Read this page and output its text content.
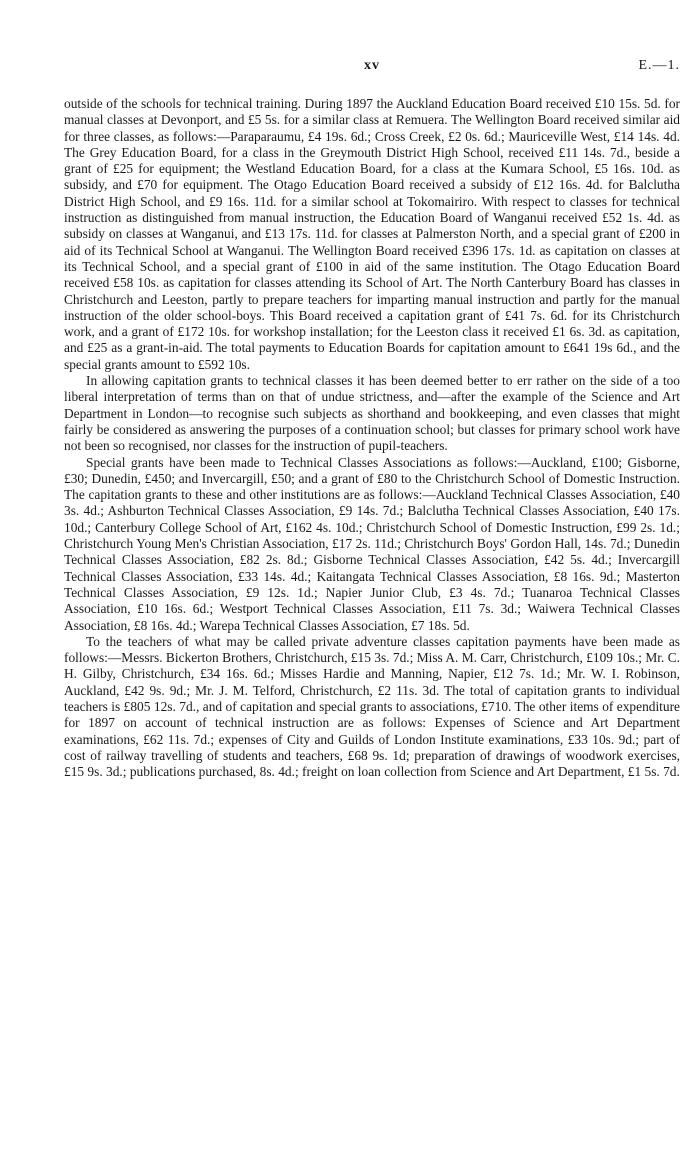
xv	E.—1.

outside of the schools for technical training. During 1897 the Auckland Education Board received £10 15s. 5d. for manual classes at Devonport, and £5 5s. for a similar class at Remuera. The Wellington Board received similar aid for three classes, as follows:—Paraparaumu, £4 19s. 6d.; Cross Creek, £2 0s. 6d.; Mauriceville West, £14 14s. 4d. The Grey Education Board, for a class in the Greymouth District High School, received £11 14s. 7d., beside a grant of £25 for equipment; the Westland Education Board, for a class at the Kumara School, £5 16s. 10d. as subsidy, and £70 for equipment. The Otago Education Board received a subsidy of £12 16s. 4d. for Balclutha District High School, and £9 16s. 11d. for a similar school at Tokomairiro. With respect to classes for technical instruction as distinguished from manual instruction, the Education Board of Wanganui received £52 1s. 4d. as subsidy on classes at Wanganui, and £13 17s. 11d. for classes at Palmerston North, and a special grant of £200 in aid of its Technical School at Wanganui. The Wellington Board received £396 17s. 1d. as capitation on classes at its Technical School, and a special grant of £100 in aid of the same institution. The Otago Education Board received £58 10s. as capitation for classes attending its School of Art. The North Canterbury Board has classes in Christchurch and Leeston, partly to prepare teachers for imparting manual instruction and partly for the manual instruction of the older school-boys. This Board received a capitation grant of £41 7s. 6d. for its Christchurch work, and a grant of £172 10s. for workshop installation; for the Leeston class it received £1 6s. 3d. as capitation, and £25 as a grant-in-aid. The total payments to Education Boards for capitation amount to £641 19s 6d., and the special grants amount to £592 10s.

In allowing capitation grants to technical classes it has been deemed better to err rather on the side of a too liberal interpretation of terms than on that of undue strictness, and—after the example of the Science and Art Department in London—to recognise such subjects as shorthand and bookkeeping, and even classes that might fairly be considered as answering the purposes of a continuation school; but classes for primary school work have not been so recognised, nor classes for the instruction of pupil-teachers.

Special grants have been made to Technical Classes Associations as follows:—Auckland, £100; Gisborne, £30; Dunedin, £450; and Invercargill, £50; and a grant of £80 to the Christchurch School of Domestic Instruction. The capitation grants to these and other institutions are as follows:—Auckland Technical Classes Association, £40 3s. 4d.; Ashburton Technical Classes Association, £9 14s. 7d.; Balclutha Technical Classes Association, £40 17s. 10d.; Canterbury College School of Art, £162 4s. 10d.; Christchurch School of Domestic Instruction, £99 2s. 1d.; Christchurch Young Men's Christian Association, £17 2s. 11d.; Christchurch Boys' Gordon Hall, 14s. 7d.; Dunedin Technical Classes Association, £82 2s. 8d.; Gisborne Technical Classes Association, £42 5s. 4d.; Invercargill Technical Classes Association, £33 14s. 4d.; Kaitangata Technical Classes Association, £8 16s. 9d.; Masterton Technical Classes Association, £9 12s. 1d.; Napier Junior Club, £3 4s. 7d.; Tuanaroa Technical Classes Association, £10 16s. 6d.; Westport Technical Classes Association, £11 7s. 3d.; Waiwera Technical Classes Association, £8 16s. 4d.; Warepa Technical Classes Association, £7 18s. 5d.

To the teachers of what may be called private adventure classes capitation payments have been made as follows:—Messrs. Bickerton Brothers, Christchurch, £15 3s. 7d.; Miss A. M. Carr, Christchurch, £109 10s.; Mr. C. H. Gilby, Christchurch, £34 16s. 6d.; Misses Hardie and Manning, Napier, £12 7s. 1d.; Mr. W. I. Robinson, Auckland, £42 9s. 9d.; Mr. J. M. Telford, Christchurch, £2 11s. 3d. The total of capitation grants to individual teachers is £805 12s. 7d., and of capitation and special grants to associations, £710. The other items of expenditure for 1897 on account of technical instruction are as follows: Expenses of Science and Art Department examinations, £62 11s. 7d.; expenses of City and Guilds of London Institute examinations, £33 10s. 9d.; part of cost of railway travelling of students and teachers, £68 9s. 1d; preparation of drawings of woodwork exercises, £15 9s. 3d.; publications purchased, 8s. 4d.; freight on loan collection from Science and Art Department, £1 5s. 7d.
